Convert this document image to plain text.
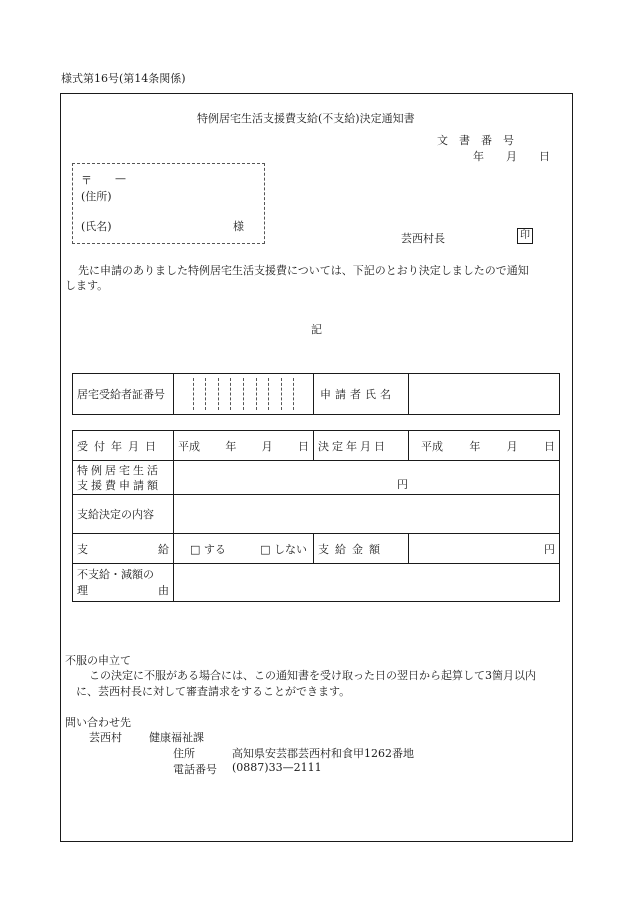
様式第16号(第14条関係)
特例居宅生活支援費支給(不支給)決定通知書
文　書　番　号
年　　月　　日
〒 —
(住所)
(氏名)	様
芸西村長	印
先に申請のありました特例居宅生活支援費については、下記のとおり決定しましたので通知
します。
記
居宅受給者証番号		申請者氏名	
受付年月日	平成 年 月 日	決定年月日	平成 年 月 日

特例居宅生活
支援費申請額	円		
支給決定の内容			

支 給	□ する □ しない	支給金額	円

不支給・減額の
理 由			

不服の申立て
この決定に不服がある場合には、この通知書を受け取った日の翌日から起算して3箇月以内
に、芸西村長に対して審査請求をすることができます。
問い合わせ先
芸西村 健康福祉課
住所	高知県安芸郡芸西村和食甲1262番地
電話番号 (0887)33—2111
